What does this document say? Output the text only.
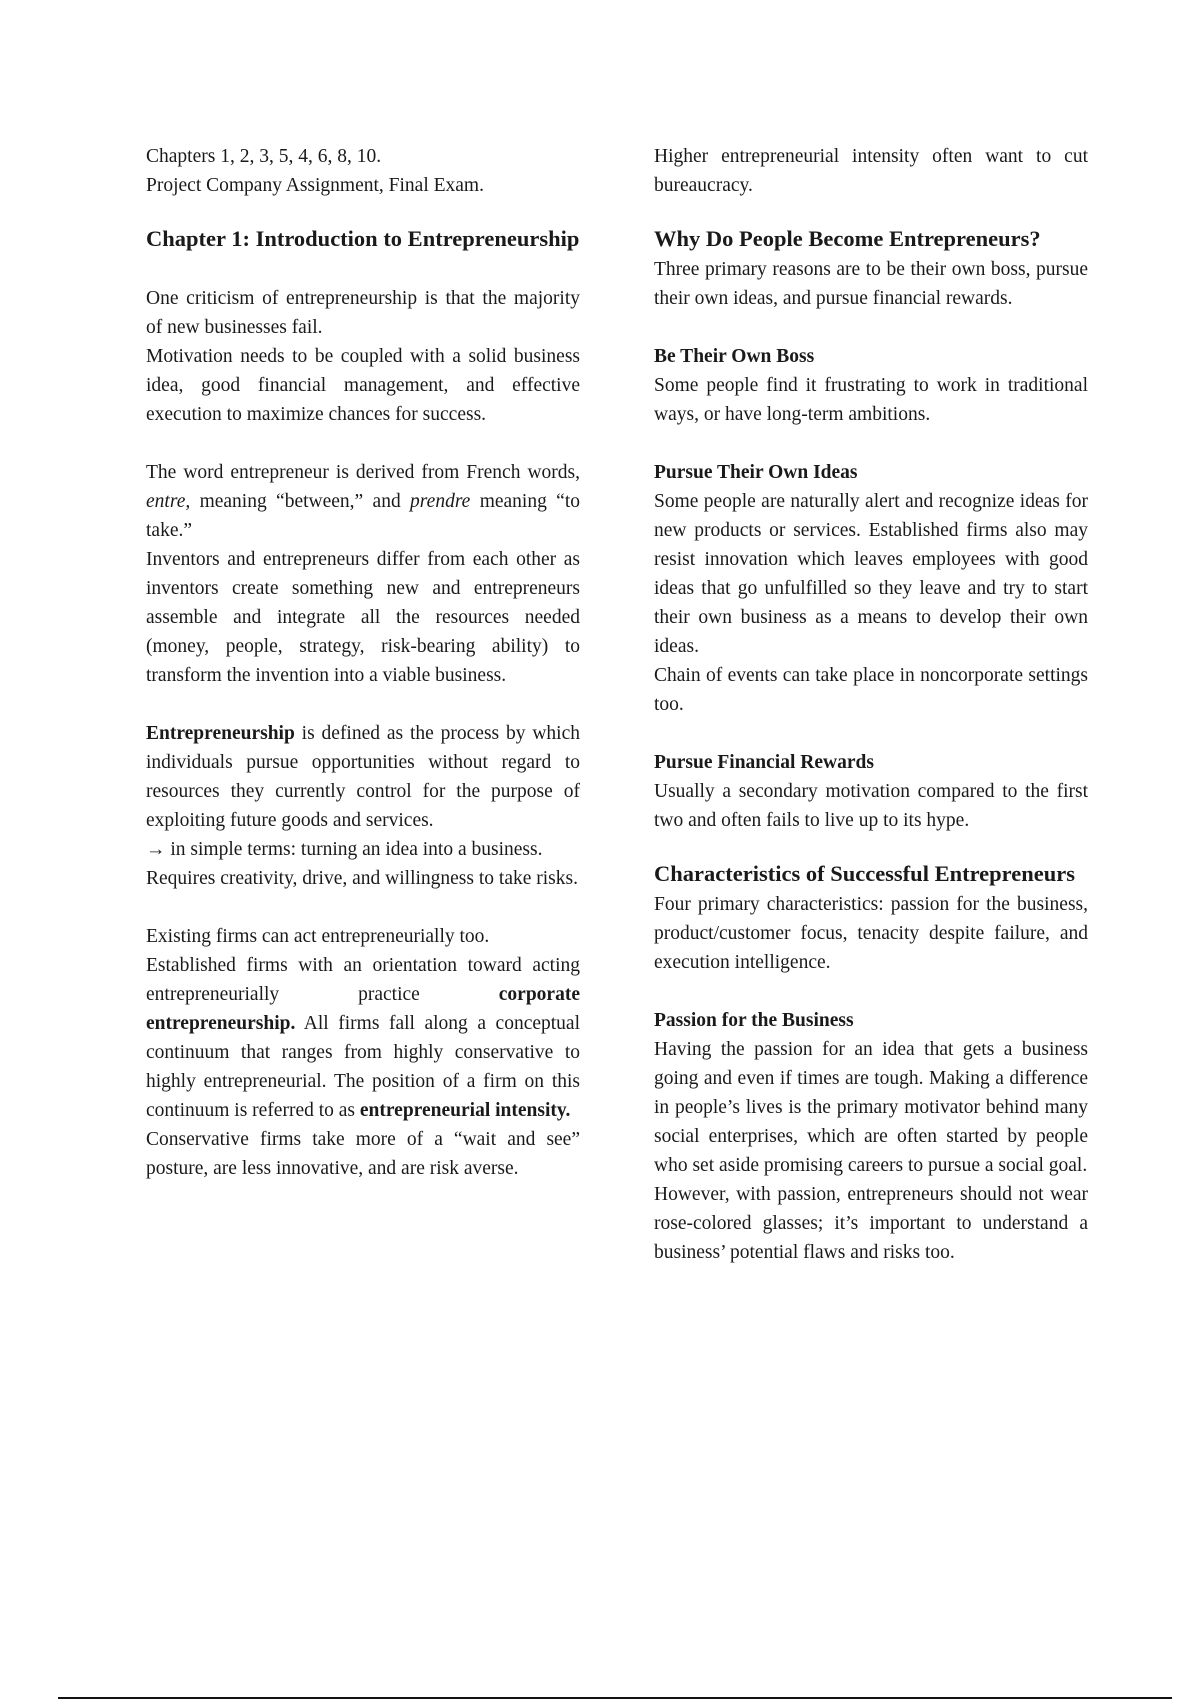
Chapters 1, 2, 3, 5, 4, 6, 8, 10.

Project Company Assignment, Final Exam.

Chapter 1: Introduction to Entrepreneurship

One criticism of entrepreneurship is that the majority of new businesses fail.

Motivation needs to be coupled with a solid business idea, good financial management, and effective execution to maximize chances for success.

The word entrepreneur is derived from French words, entre, meaning “between,” and prendre meaning “to take.”

Inventors and entrepreneurs differ from each other as inventors create something new and entrepreneurs assemble and integrate all the resources needed (money, people, strategy, risk-bearing ability) to transform the invention into a viable business.

Entrepreneurship is defined as the process by which individuals pursue opportunities without regard to resources they currently control for the purpose of exploiting future goods and services.

→ in simple terms: turning an idea into a business.

Requires creativity, drive, and willingness to take risks.

Existing firms can act entrepreneurially too.

Established firms with an orientation toward acting entrepreneurially practice corporate entrepreneurship. All firms fall along a conceptual continuum that ranges from highly conservative to highly entrepreneurial. The position of a firm on this continuum is referred to as entrepreneurial intensity.

Conservative firms take more of a “wait and see” posture, are less innovative, and are risk averse.

Higher entrepreneurial intensity often want to cut bureaucracy.

Why Do People Become Entrepreneurs?

Three primary reasons are to be their own boss, pursue their own ideas, and pursue financial rewards.

Be Their Own Boss

Some people find it frustrating to work in traditional ways, or have long-term ambitions.

Pursue Their Own Ideas

Some people are naturally alert and recognize ideas for new products or services. Established firms also may resist innovation which leaves employees with good ideas that go unfulfilled so they leave and try to start their own business as a means to develop their own ideas.

Chain of events can take place in noncorporate settings too.

Pursue Financial Rewards

Usually a secondary motivation compared to the first two and often fails to live up to its hype.

Characteristics of Successful Entrepreneurs

Four primary characteristics: passion for the business, product/customer focus, tenacity despite failure, and execution intelligence.

Passion for the Business

Having the passion for an idea that gets a business going and even if times are tough. Making a difference in people’s lives is the primary motivator behind many social enterprises, which are often started by people who set aside promising careers to pursue a social goal.

However, with passion, entrepreneurs should not wear rose-colored glasses; it’s important to understand a business’ potential flaws and risks too.
